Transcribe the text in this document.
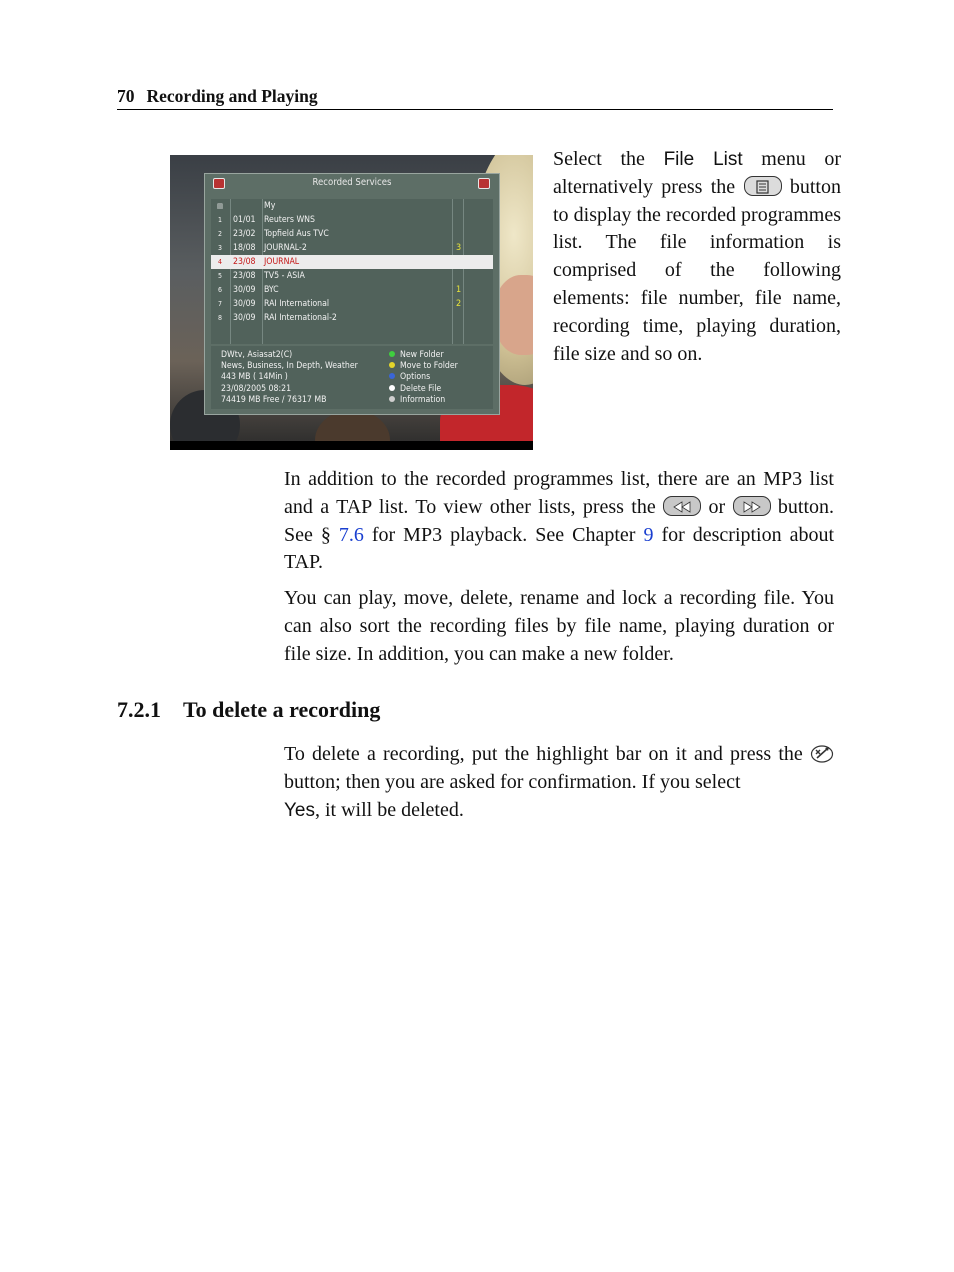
70 Recording and Playing
Recorded Services
▤	My
1	01/01 Reuters WNS
2	23/02 Topfield Aus TVC
3	18/08 JOURNAL-2	3
4	23/08 JOURNAL
5	23/08 TV5 - ASIA
6	30/09 BYC	1
7	30/09 RAI International	2
8	30/09 RAI International-2
DWtv, Asiasat2(C)
News, Business, In Depth, Weather
443 MB ( 14Min )
23/08/2005 08:21
74419 MB Free / 76317 MB
New Folder
Move to Folder
Options
Delete File
Information
Select the File List menu or alternatively press the	button to display the recorded programmes list. The file information is comprised of the following elements: file number, file name, recording time, playing duration, file size and so on.
In addition to the recorded programmes list, there are an MP3 list and a TAP list. To view other lists, press the	or	button. See § 7.6 for MP3 playback. See Chapter 9 for description about TAP.
You can play, move, delete, rename and lock a recording file. You can also sort the recording files by file name, playing duration or file size. In addition, you can make a new folder.
7.2.1 To delete a recording
To delete a recording, put the highlight bar on it and press the  button; then you are asked for confirmation. If you select
Yes, it will be deleted.
